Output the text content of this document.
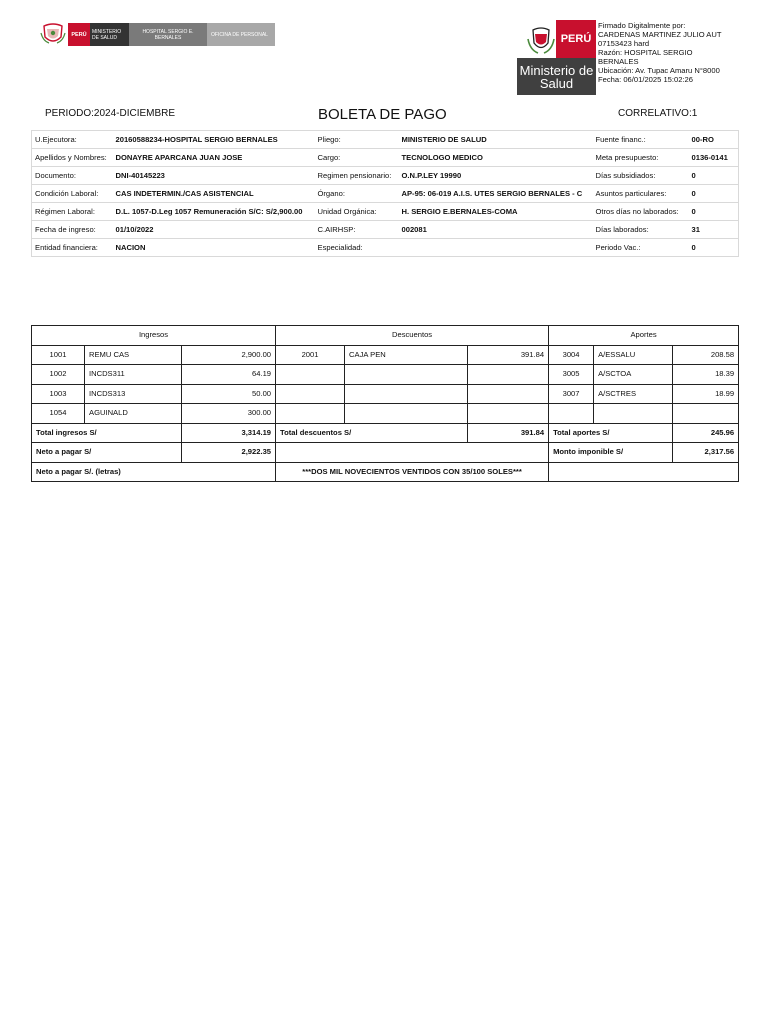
PERÚ	MINISTERIO DE SALUD
HOSPITAL SERGIO E. BERNALES	OFICINA DE PERSONAL	PERÚ
Ministerio de Salud
Firmado Digitalmente por:
CARDENAS MARTINEZ JULIO AUT
07153423 hard
Razón: HOSPITAL SERGIO
BERNALES
Ubicación: Av. Tupac Amaru N°8000
Fecha: 06/01/2025 15:02:26
PERIODO:2024-DICIEMBRE	BOLETA DE PAGO	CORRELATIVO:1
U.Ejecutora:	20160588234-HOSPITAL SERGIO BERNALES	Pliego:	MINISTERIO DE SALUD	Fuente financ.:	00-RO
Apellidos y Nombres:	DONAYRE APARCANA JUAN JOSE	Cargo:	TECNOLOGO MEDICO	Meta presupuesto:	0136-0141
Documento:	DNI-40145223	Regimen pensionario:	O.N.P.LEY 19990	Días subsidiados:	0
Condición Laboral:	CAS INDETERMIN./CAS ASISTENCIAL	Órgano:	AP-95: 06-019 A.I.S. UTES SERGIO BERNALES - C	Asuntos particulares:	0
Régimen Laboral:	D.L. 1057-D.Leg 1057 Remuneración S/C: S/2,900.00	Unidad Orgánica:	H. SERGIO E.BERNALES-COMA	Otros días no laborados:	0
Fecha de ingreso:	01/10/2022	C.AIRHSP:	002081	Días laborados:	31
Entidad financiera:	NACION	Especialidad:		Periodo Vac.:	0
Ingresos			Descuentos			Aportes		
1001	REMU CAS	2,900.00	2001	CAJA PEN	391.84	3004	A/ESSALU	208.58
1002	INCDS311	64.19				3005	A/SCTOA	18.39
1003	INCDS313	50.00				3007	A/SCTRES	18.99
1054	AGUINALD	300.00						
Total ingresos S/		3,314.19	Total descuentos S/		391.84	Total aportes S/		245.96
Neto a pagar S/		2,922.35				Monto imponible S/		2,317.56
Neto a pagar S/. (letras)			***DOS MIL NOVECIENTOS VENTIDOS CON 35/100 SOLES***					
